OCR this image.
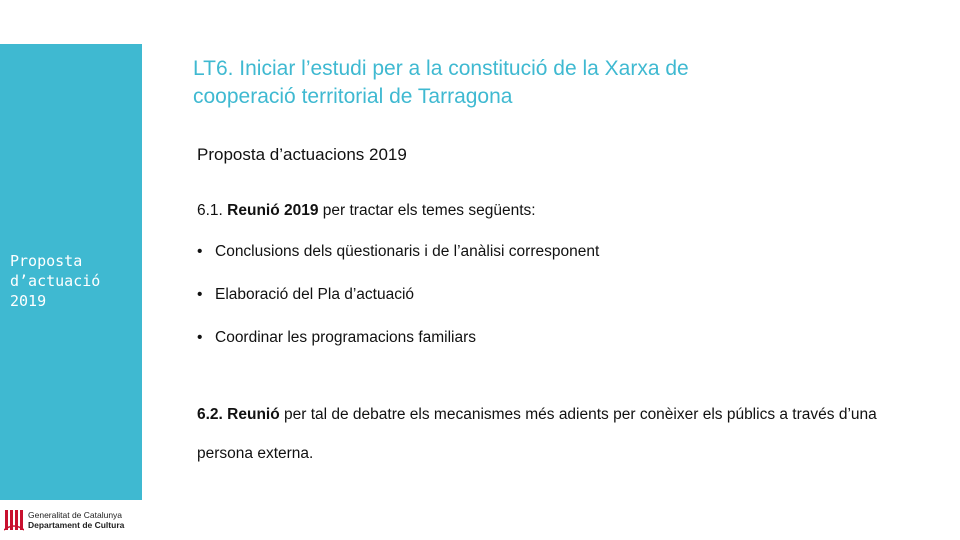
Proposta
d’actuació
2019
LT6. Iniciar l’estudi per a la constitució de la Xarxa de
cooperació territorial de Tarragona
Proposta d’actuacions 2019
6.1. Reunió 2019 per tractar els temes següents:
• Conclusions dels qüestionaris i de l’anàlisi corresponent
• Elaboració del Pla d’actuació
• Coordinar les programacions familiars
6.2. Reunió per tal de debatre els mecanismes més adients per conèixer els públics a través d’una persona externa.
Generalitat de Catalunya
Departament de Cultura
